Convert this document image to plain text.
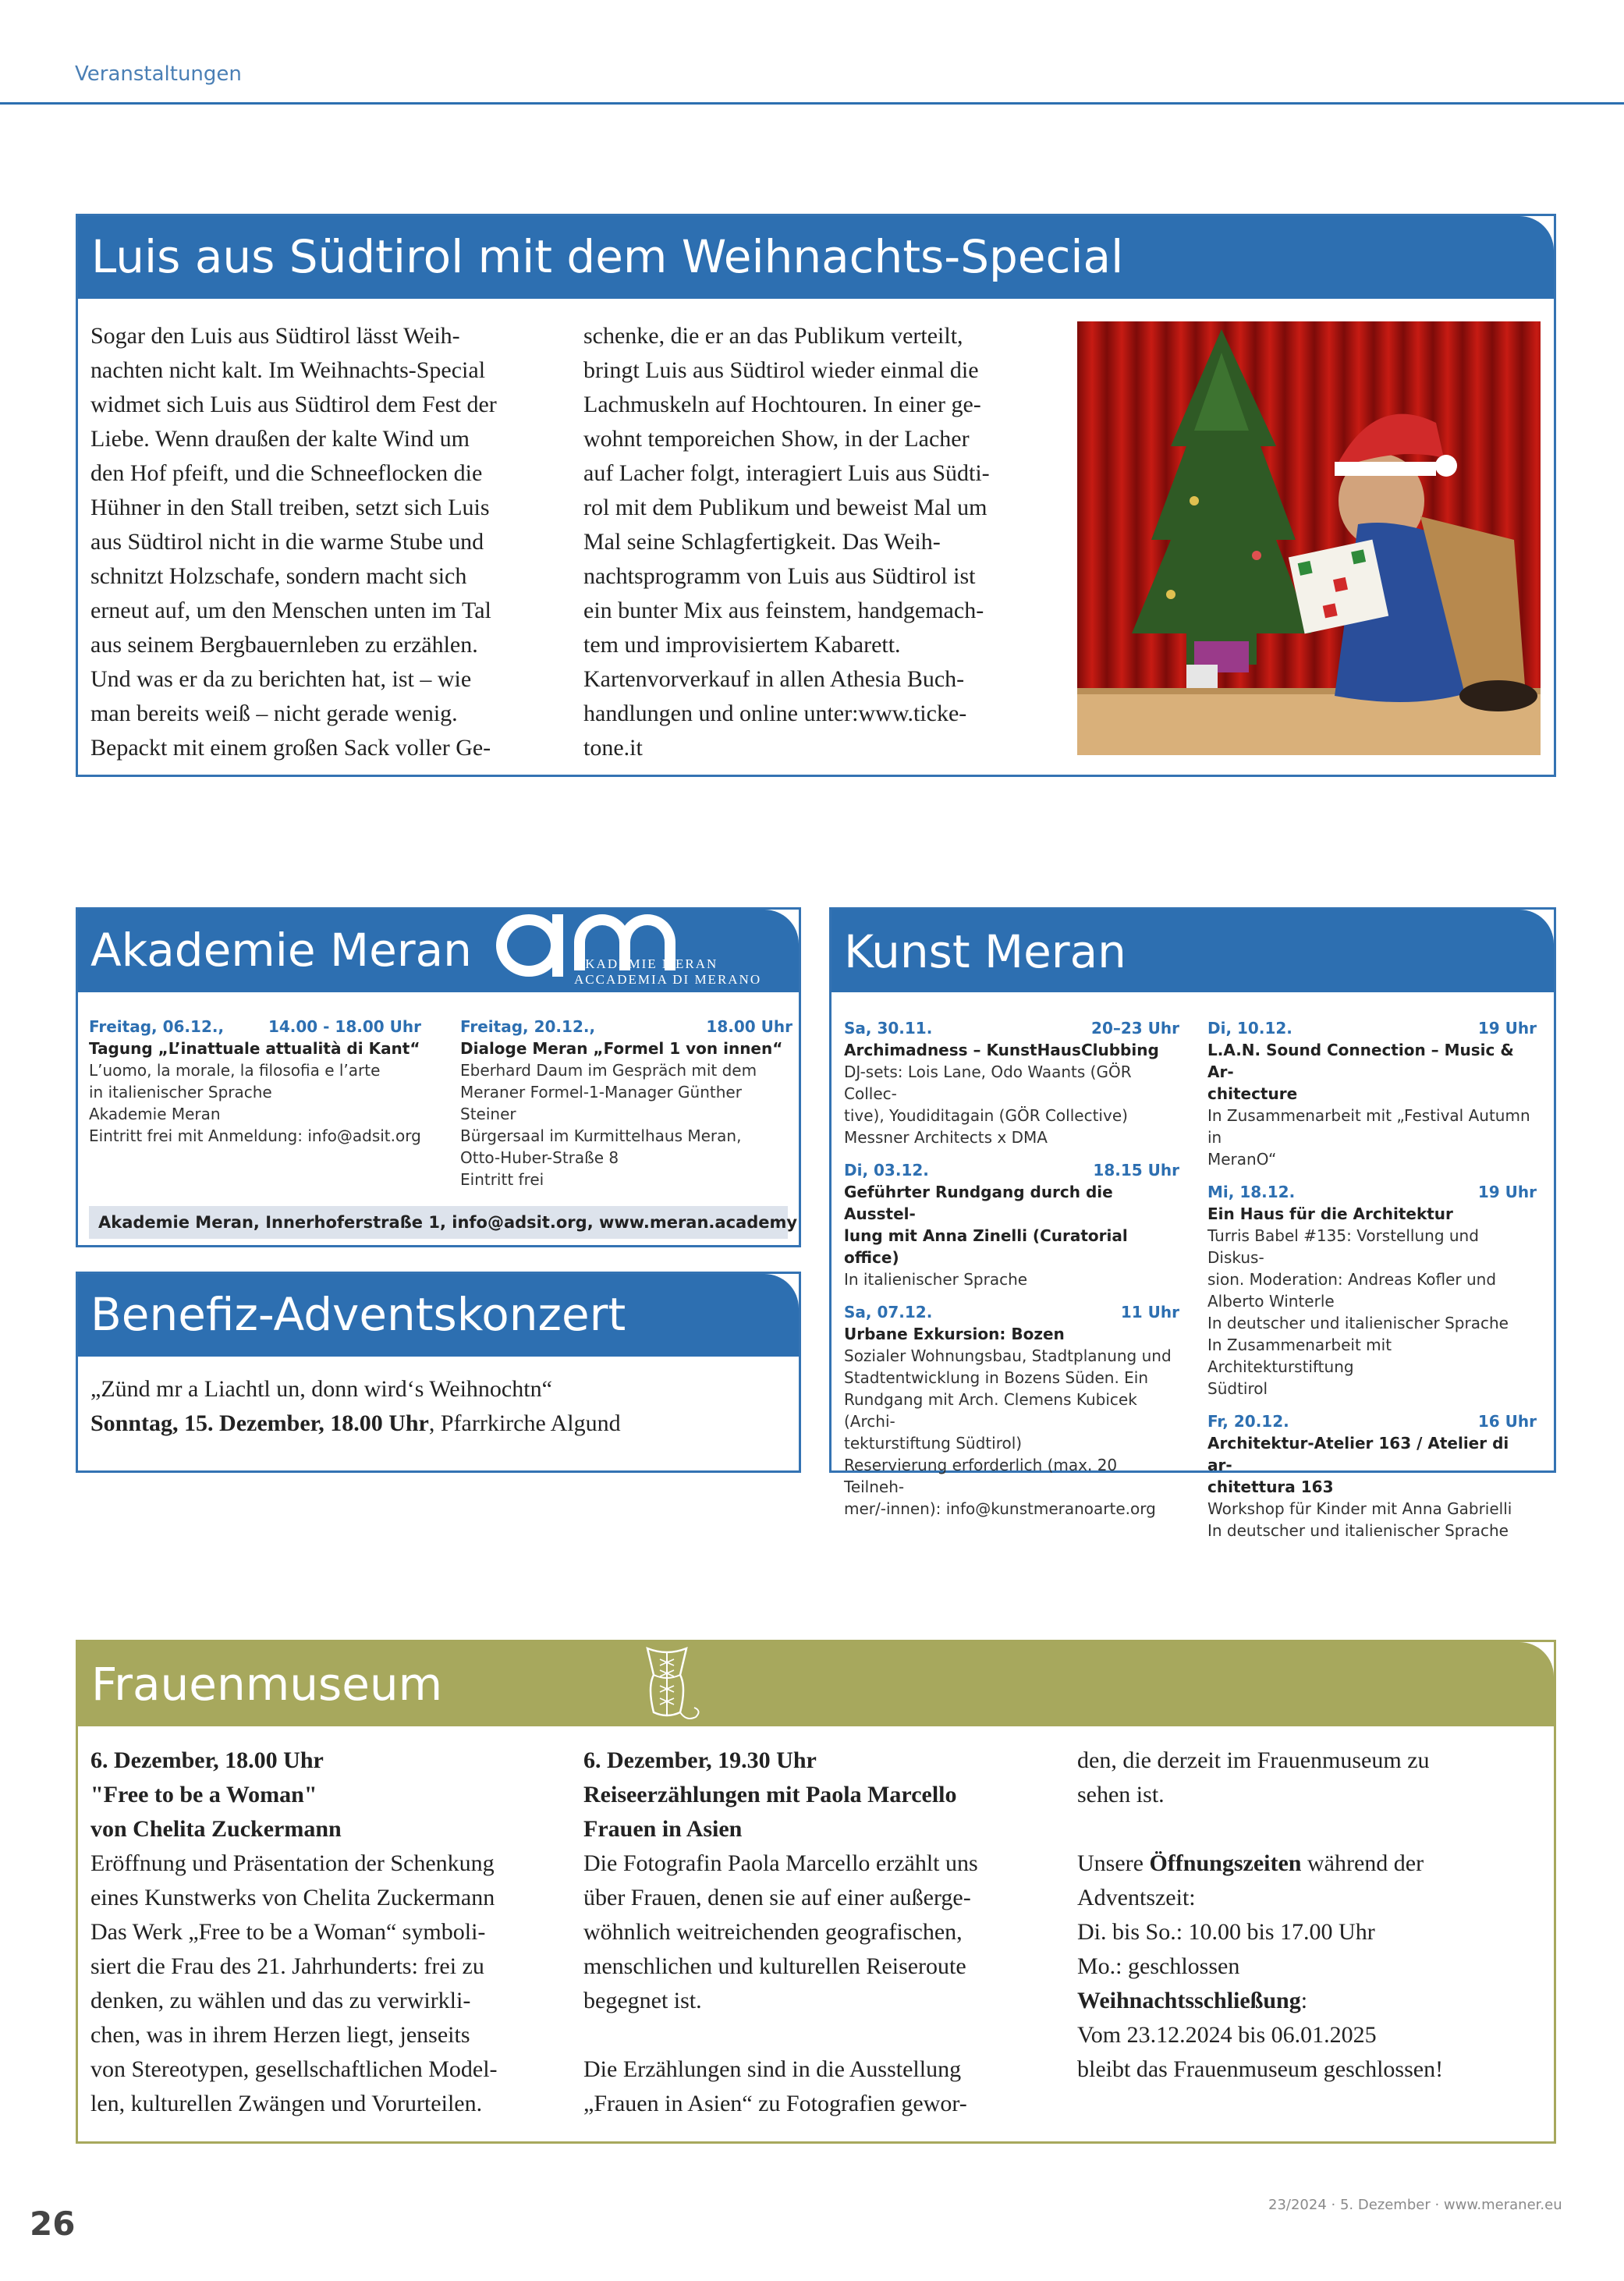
Veranstaltungen
Luis aus Südtirol mit dem Weihnachts-Special

Sogar den Luis aus Südtirol lässt Weih-

nachten nicht kalt. Im Weihnachts-Special

widmet sich Luis aus Südtirol dem Fest der

Liebe. Wenn draußen der kalte Wind um

den Hof pfeift, und die Schneeflocken die

Hühner in den Stall treiben, setzt sich Luis

aus Südtirol nicht in die warme Stube und

schnitzt Holzschafe, sondern macht sich

erneut auf, um den Menschen unten im Tal

aus seinem Bergbauernleben zu erzählen.

Und was er da zu berichten hat, ist – wie

man bereits weiß – nicht gerade wenig.

Bepackt mit einem großen Sack voller Ge-

schenke, die er an das Publikum verteilt,

bringt Luis aus Südtirol wieder einmal die

Lachmuskeln auf Hochtouren. In einer ge-

wohnt temporeichen Show, in der Lacher

auf Lacher folgt, interagiert Luis aus Südti-

rol mit dem Publikum und beweist Mal um

Mal seine Schlagfertigkeit. Das Weih-

nachtsprogramm von Luis aus Südtirol ist

ein bunter Mix aus feinstem, handgemach-

tem und improvisiertem Kabarett.

Kartenvorverkauf in allen Athesia Buch-

handlungen und online unter:www.ticke-

tone.it

Akademie Meran	AKADEMIE MERAN
ACCADEMIA DI MERANO
Freitag, 06.12.,	14.00 - 18.00 Uhr
Tagung „L’inattuale attualità di Kant“
L’uomo, la morale, la filosofia e l’arte
in italienischer Sprache
Akademie Meran
Eintritt frei mit Anmeldung: info@adsit.org
Freitag, 20.12.,	18.00 Uhr
Dialoge Meran „Formel 1 von innen“
Eberhard Daum im Gespräch mit dem
Meraner Formel-1-Manager Günther
Steiner
Bürgersaal im Kurmittelhaus Meran,
Otto-Huber-Straße 8
Eintritt frei
Akademie Meran, Innerhoferstraße 1, info@adsit.org, www.meran.academy
Benefiz-Adventskonzert

„Zünd mr a Liachtl un, donn wird‘s Weihnochtn“

Sonntag, 15. Dezember, 18.00 Uhr, Pfarrkirche Algund

Kunst Meran
Sa, 30.11.	20–23 Uhr
Archimadness – KunstHausClubbing
DJ-sets: Lois Lane, Odo Waants (GÖR Collec-
tive), Youdiditagain (GÖR Collective)
Messner Architects x DMA
Di, 03.12.	18.15 Uhr
Geführter Rundgang durch die Ausstel-
lung mit Anna Zinelli (Curatorial office)
In italienischer Sprache
Sa, 07.12.	11 Uhr
Urbane Exkursion: Bozen
Sozialer Wohnungsbau, Stadtplanung und
Stadtentwicklung in Bozens Süden. Ein
Rundgang mit Arch. Clemens Kubicek (Archi-
tekturstiftung Südtirol)
Reservierung erforderlich (max. 20 Teilneh-
mer/-innen): info@kunstmeranoarte.org
Di, 10.12.	19 Uhr
L.A.N. Sound Connection – Music & Ar-
chitecture
In Zusammenarbeit mit „Festival Autumn in
MeranO“
Mi, 18.12.	19 Uhr
Ein Haus für die Architektur
Turris Babel #135: Vorstellung und Diskus-
sion. Moderation: Andreas Kofler und
Alberto Winterle
In deutscher und italienischer Sprache
In Zusammenarbeit mit Architekturstiftung
Südtirol
Fr, 20.12.	16 Uhr
Architektur-Atelier 163 / Atelier di ar-
chitettura 163
Workshop für Kinder mit Anna Gabrielli
In deutscher und italienischer Sprache
Frauenmuseum

6. Dezember, 18.00 Uhr

"Free to be a Woman"

von Chelita Zuckermann

Eröffnung und Präsentation der Schenkung

eines Kunstwerks von Chelita Zuckermann

Das Werk „Free to be a Woman“ symboli-

siert die Frau des 21. Jahrhunderts: frei zu

denken, zu wählen und das zu verwirkli-

chen, was in ihrem Herzen liegt, jenseits

von Stereotypen, gesellschaftlichen Model-

len, kulturellen Zwängen und Vorurteilen.

6. Dezember, 19.30 Uhr

Reiseerzählungen mit Paola Marcello

Frauen in Asien

Die Fotografin Paola Marcello erzählt uns

über Frauen, denen sie auf einer außerge-

wöhnlich weitreichenden geografischen,

menschlichen und kulturellen Reiseroute

begegnet ist.

Die Erzählungen sind in die Ausstellung

„Frauen in Asien“ zu Fotografien gewor-

den, die derzeit im Frauenmuseum zu

sehen ist.

Unsere Öffnungszeiten während der

Adventszeit:

Di. bis So.: 10.00 bis 17.00 Uhr

Mo.: geschlossen

Weihnachtsschließung:

Vom 23.12.2024 bis 06.01.2025

bleibt das Frauenmuseum geschlossen!

23/2024 · 5. Dezember · www.meraner.eu
26
